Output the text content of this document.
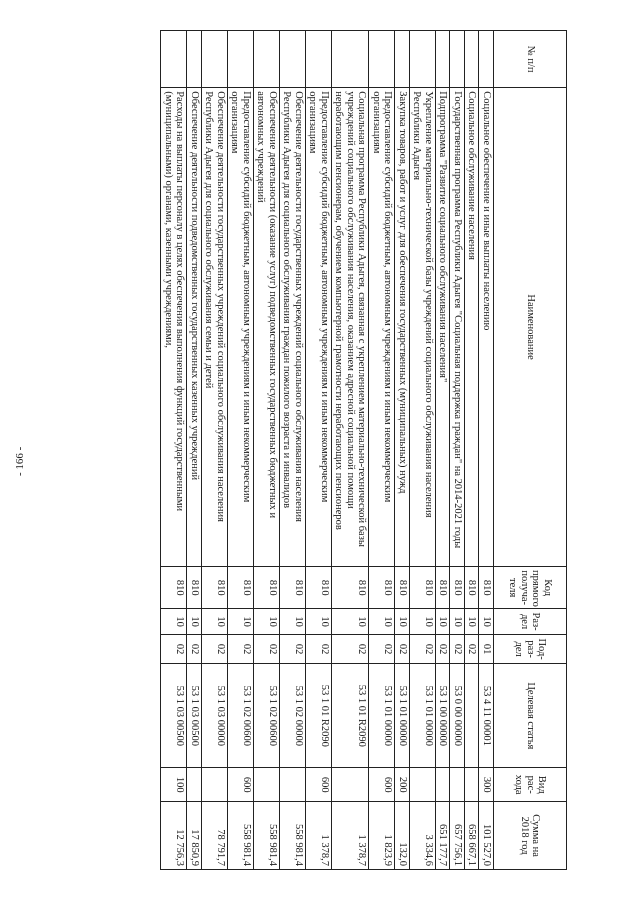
- 166 -
№ п/п	Наименование	Код прямого получа-теля	Раз-дел	Под-раз-дел	Целевая статья	Вид рас-хода	Сумма на 2018 год
	Социальное обеспечение и иные выплаты населению	810	10	01	53 4 11 00001	300	101 527,0
	Социальное обслуживание населения	810	10	02			658 667,1
	Государственная программа Республики Адыгея "Социальная поддержка граждан" на 2014-2021 годы	810	10	02	53 0 00 00000		657 756,1
	Подпрограмма "Развитие социального обслуживания населения"	810	10	02	53 1 00 00000		651 177,7
	Укрепление материально-технической базы учреждений социального обслуживания населения Республики Адыгея	810	10	02	53 1 01 00000		3 334,6
	Закупка товаров, работ и услуг для обеспечения государственных (муниципальных) нужд	810	10	02	53 1 01 00000	200	132,0
	Предоставление субсидий бюджетным, автономным учреждениям и иным некоммерческим организациям	810	10	02	53 1 01 00000	600	1 823,9
	Социальная программа Республики Адыгея, связанная с укреплением материально-технической базы учреждений социального обслуживания населения, оказанием адресной социальной помощи неработающим пенсионерам, обучением компьютерной грамотности неработающих пенсионеров	810	10	02	53 1 01 R2090		1 378,7
	Предоставление субсидий бюджетным, автономным учреждениям и иным некоммерческим организациям	810	10	02	53 1 01 R2090	600	1 378,7
	Обеспечение деятельности государственных учреждений социального обслуживания населения Республики Адыгея для социального обслуживания граждан пожилого возраста и инвалидов	810	10	02	53 1 02 00000		558 981,4
	Обеспечение деятельности (оказание услуг) подведомственных государственных бюджетных и автономных учреждений	810	10	02	53 1 02 00600		558 981,4
	Предоставление субсидий бюджетным, автономным учреждениям и иным некоммерческим организациям	810	10	02	53 1 02 00600	600	558 981,4
	Обеспечение деятельности государственных учреждений социального обслуживания населения Республики Адыгея для социального обслуживания семьи и детей	810	10	02	53 1 03 00000		78 791,7
	Обеспечение деятельности подведомственных государственных казенных учреждений	810	10	02	53 1 03 00500		17 850,9
	Расходы на выплаты персоналу в целях обеспечения выполнения функций государственными (муниципальными) органами, казенными учреждениями,	810	10	02	53 1 03 00500	100	12 756,3
